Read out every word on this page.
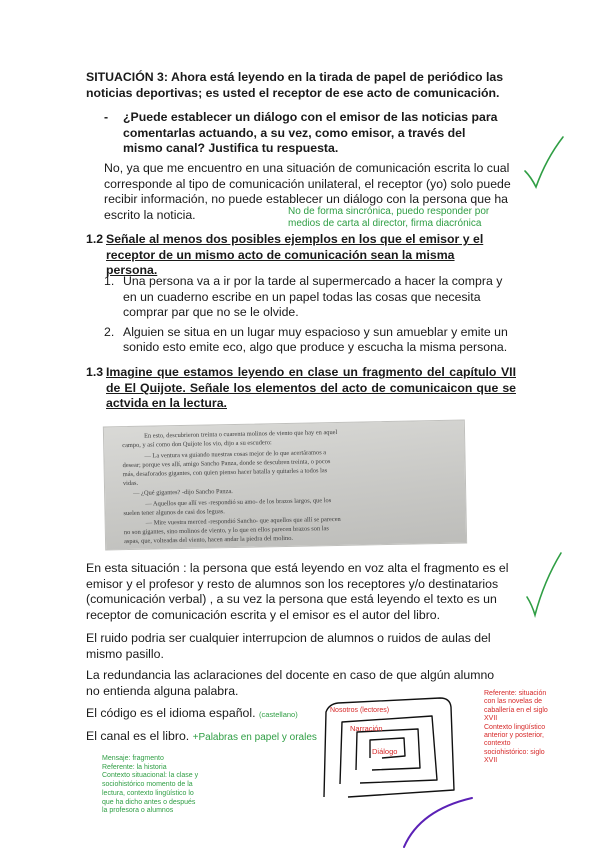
SITUACIÓN 3: Ahora está leyendo en la tirada de papel de periódico las noticias deportivas; es usted el receptor de ese acto de comunicación.
- ¿Puede establecer un diálogo con el emisor de las noticias para comentarlas actuando, a su vez, como emisor, a través del mismo canal? Justifica tu respuesta.
No, ya que me encuentro en una situación de comunicación escrita lo cual corresponde al tipo de comunicación unilateral, el receptor (yo) solo puede recibir información, no puede establecer un diálogo con la persona que ha escrito la noticia.	No de forma sincrónica, puedo responder por medios de carta al director, firma diacrónica
1.2 Señale al menos dos posibles ejemplos en los que el emisor y el receptor de un mismo acto de comunicación sean la misma persona.
1. Una persona va a ir por la tarde al supermercado a hacer la compra y en un cuaderno escribe en un papel todas las cosas que necesita comprar par que no se le olvide.
2. Alguien se situa en un lugar muy espacioso y sun amueblar y emite un sonido esto emite eco, algo que produce y escucha la misma persona.
1.3 Imagine que estamos leyendo en clase un fragmento del capítulo VII de El Quijote. Señale los elementos del acto de comunicaicon que se actvida en la lectura.

En esto, descubrieron treinta o cuarenta molinos de viento que hay en aquel

campo, y así como don Quijote los vio, dijo a su escudero:

— La ventura va guiando nuestras cosas mejor de lo que acertáramos a

desear; porque ves allí, amigo Sancho Panza, donde se descubren treinta, o pocos

más, desaforados gigantes, con quien pienso hacer batalla y quitarles a todos las

vidas.

— ¿Qué gigantes? -dijo Sancho Panza.

— Aquellos que allí ves -respondió su amo- de los brazos largos, que los

suelen tener algunos de casi dos leguas.

— Mire vuestra merced -respondió Sancho- que aquellos que allí se parecen

no son gigantes, sino molinos de viento, y lo que en ellos parecen brazos son las

aspas, que, volteadas del viento, hacen andar la piedra del molino.

En esta situación : la persona que está leyendo en voz alta el fragmento es el emisor y el profesor y resto de alumnos son los receptores y/o destinatarios (comunicación verbal) , a su vez la persona que está leyendo el texto es un receptor de comunicación escrita y el emisor es el autor del libro.
El ruido podria ser cualquier interrupcion de alumnos o ruidos de aulas del mismo pasillo.
La redundancia las aclaraciones del docente en caso de que algún alumno no entienda alguna palabra.
El código es el idioma español. (castellano)
El canal es el libro. +Palabras en papel y orales
Mensaje: fragmento
Referente: la historia
Contexto situacional: la clase y
sociohistórico momento de la
lectura, contexto lingüístico lo
que ha dicho antes o después
la profesora o alumnos
Nosotros (lectores)
Narración
Diálogo
Referente: situación
con las novelas de
caballería en el siglo
XVII
Contexto lingüístico
anterior y posterior,
contexto
sociohistórico: siglo
XVII
